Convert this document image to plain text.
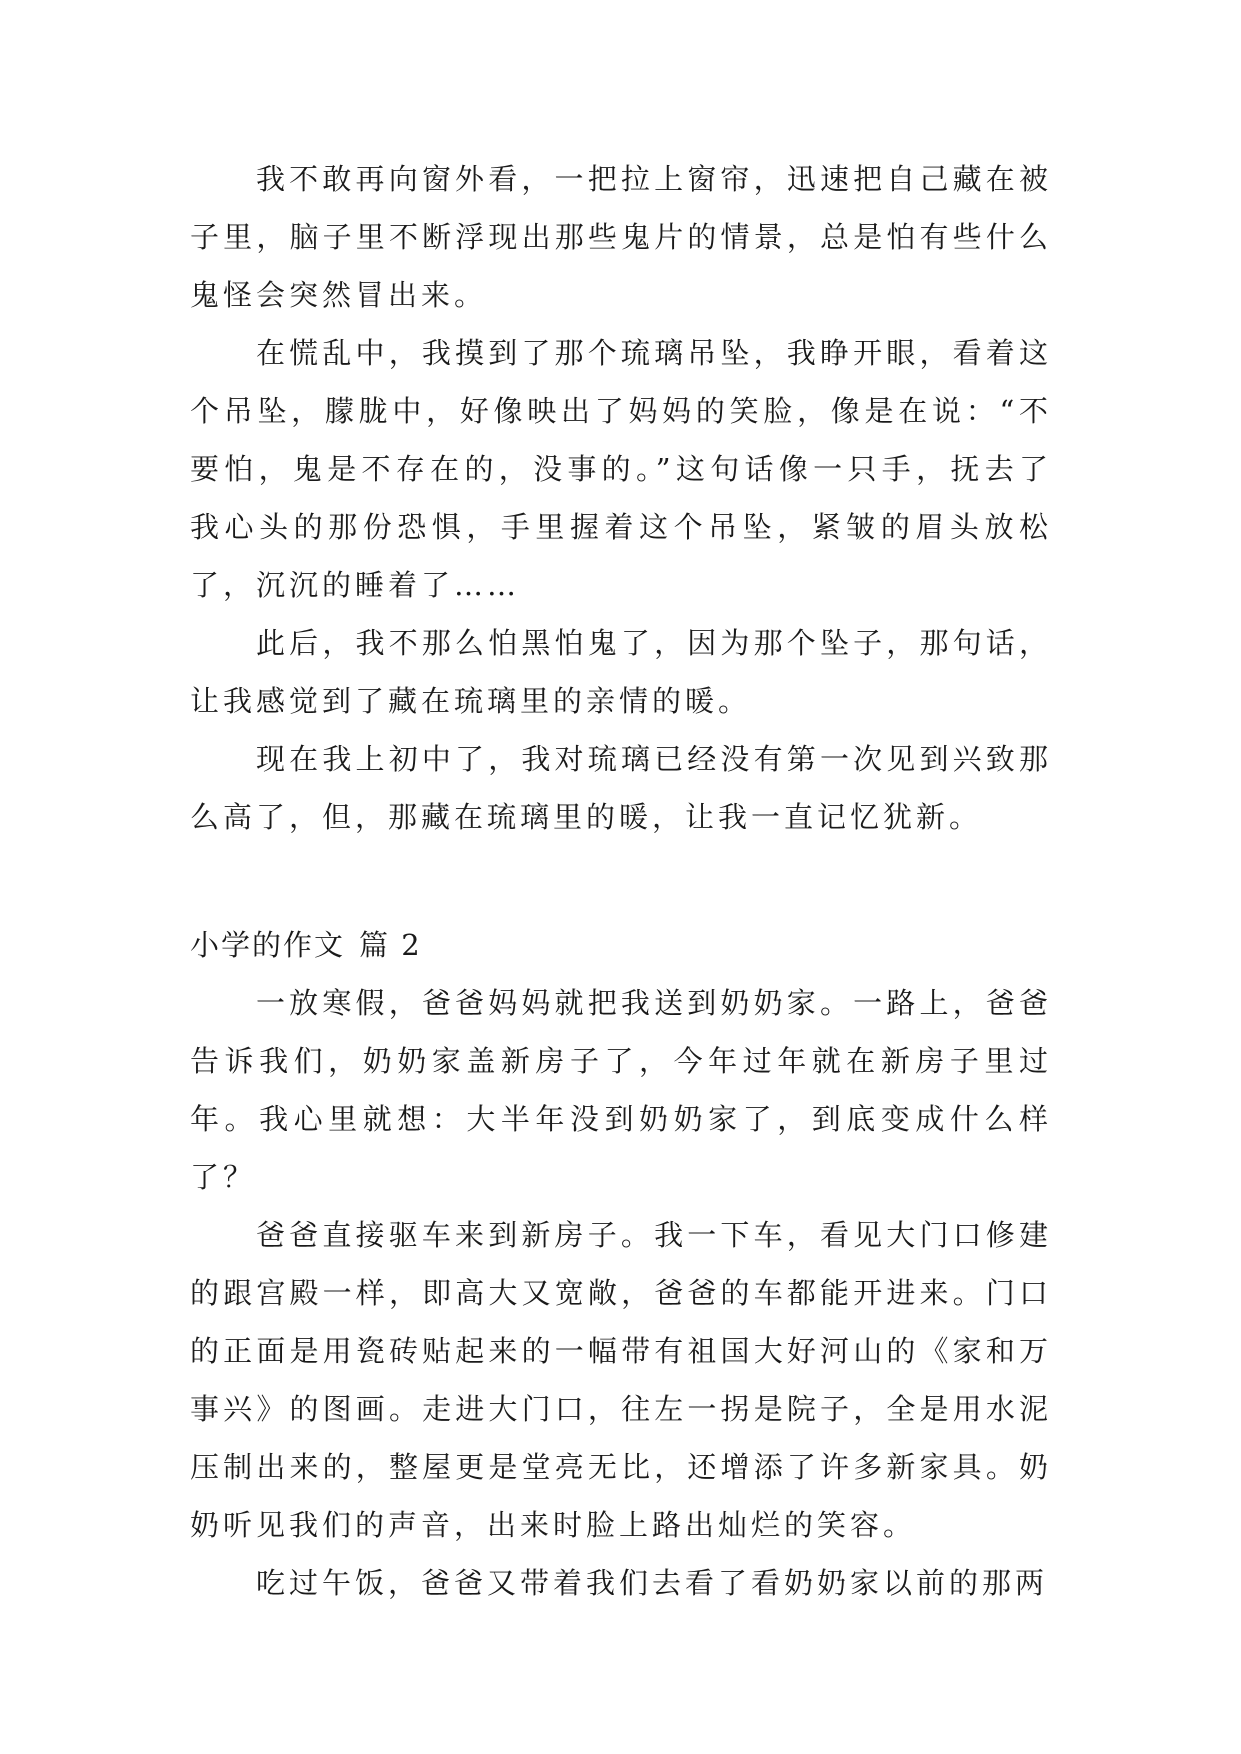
我不敢再向窗外看，一把拉上窗帘，迅速把自己藏在被子里，脑子里不断浮现出那些鬼片的情景，总是怕有些什么鬼怪会突然冒出来。

在慌乱中，我摸到了那个琉璃吊坠，我睁开眼，看着这个吊坠，朦胧中，好像映出了妈妈的笑脸，像是在说：“不要怕，鬼是不存在的，没事的。”这句话像一只手，抚去了我心头的那份恐惧，手里握着这个吊坠，紧皱的眉头放松了，沉沉的睡着了……

此后，我不那么怕黑怕鬼了，因为那个坠子，那句话，让我感觉到了藏在琉璃里的亲情的暖。

现在我上初中了，我对琉璃已经没有第一次见到兴致那么高了，但，那藏在琉璃里的暖，让我一直记忆犹新。

小学的作文 篇 2

一放寒假，爸爸妈妈就把我送到奶奶家。一路上，爸爸告诉我们，奶奶家盖新房子了，今年过年就在新房子里过年。我心里就想：大半年没到奶奶家了，到底变成什么样了？

爸爸直接驱车来到新房子。我一下车，看见大门口修建的跟宫殿一样，即高大又宽敞，爸爸的车都能开进来。门口的正面是用瓷砖贴起来的一幅带有祖国大好河山的《家和万事兴》的图画。走进大门口，往左一拐是院子，全是用水泥压制出来的，整屋更是堂亮无比，还增添了许多新家具。奶奶听见我们的声音，出来时脸上路出灿烂的笑容。

吃过午饭，爸爸又带着我们去看了看奶奶家以前的那两
